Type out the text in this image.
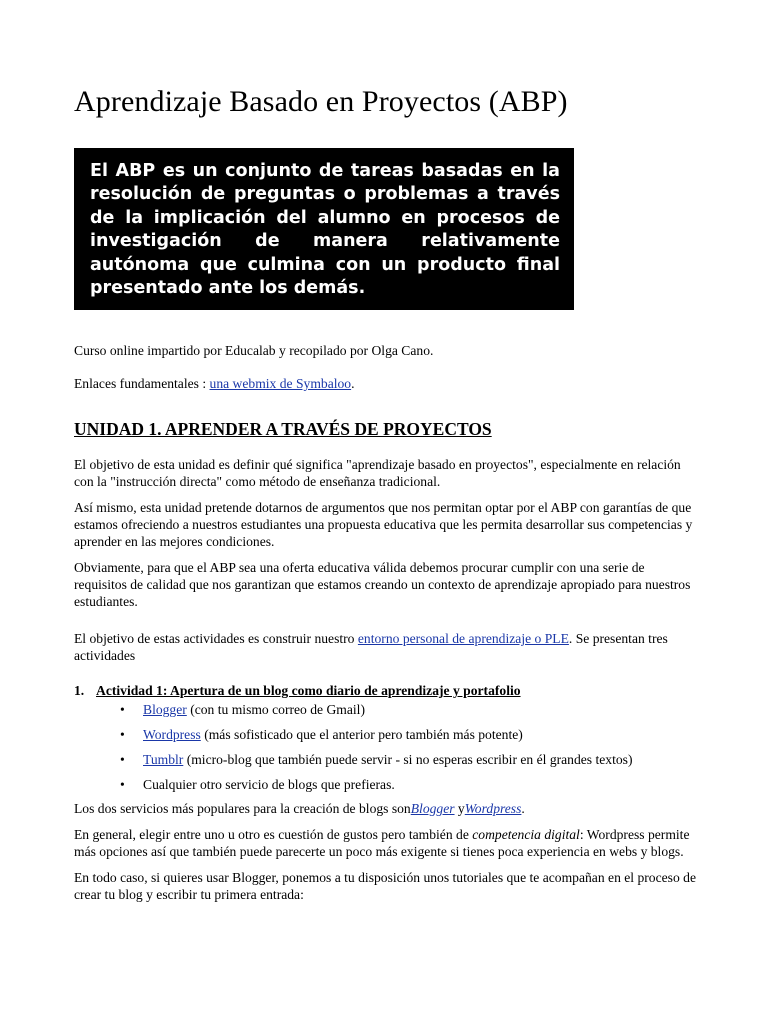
Aprendizaje Basado en Proyectos (ABP)
El ABP es un conjunto de tareas basadas en la resolución de preguntas o problemas a través de la implicación del alumno en procesos de investigación de manera relativamente autónoma que culmina con un producto final presentado ante los demás.

Curso online impartido por Educalab y recopilado por Olga Cano.

Enlaces fundamentales : una webmix de Symbaloo.

UNIDAD 1. APRENDER A TRAVÉS DE PROYECTOS

El objetivo de esta unidad es definir qué significa "aprendizaje basado en proyectos", especialmente en relación con la "instrucción directa" como método de enseñanza tradicional.

Así mismo, esta unidad pretende dotarnos de argumentos que nos permitan optar por el ABP con garantías de que estamos ofreciendo a nuestros estudiantes una propuesta educativa que les permita desarrollar sus competencias y aprender en las mejores condiciones.

Obviamente, para que el ABP sea una oferta educativa válida debemos procurar cumplir con una serie de requisitos de calidad que nos garantizan que estamos creando un contexto de aprendizaje apropiado para nuestros estudiantes.

El objetivo de estas actividades es construir nuestro entorno personal de aprendizaje o PLE. Se presentan tres actividades

1. Actividad 1: Apertura de un blog como diario de aprendizaje y portafolio
• Blogger (con tu mismo correo de Gmail)
• Wordpress (más sofisticado que el anterior pero también más potente)
• Tumblr (micro-blog que también puede servir - si no esperas escribir en él grandes textos)
• Cualquier otro servicio de blogs que prefieras.

Los dos servicios más populares para la creación de blogs sonBlogger yWordpress.

En general, elegir entre uno u otro es cuestión de gustos pero también de competencia digital: Wordpress permite más opciones así que también puede parecerte un poco más exigente si tienes poca experiencia en webs y blogs.

En todo caso, si quieres usar Blogger, ponemos a tu disposición unos tutoriales que te acompañan en el proceso de crear tu blog y escribir tu primera entrada:
